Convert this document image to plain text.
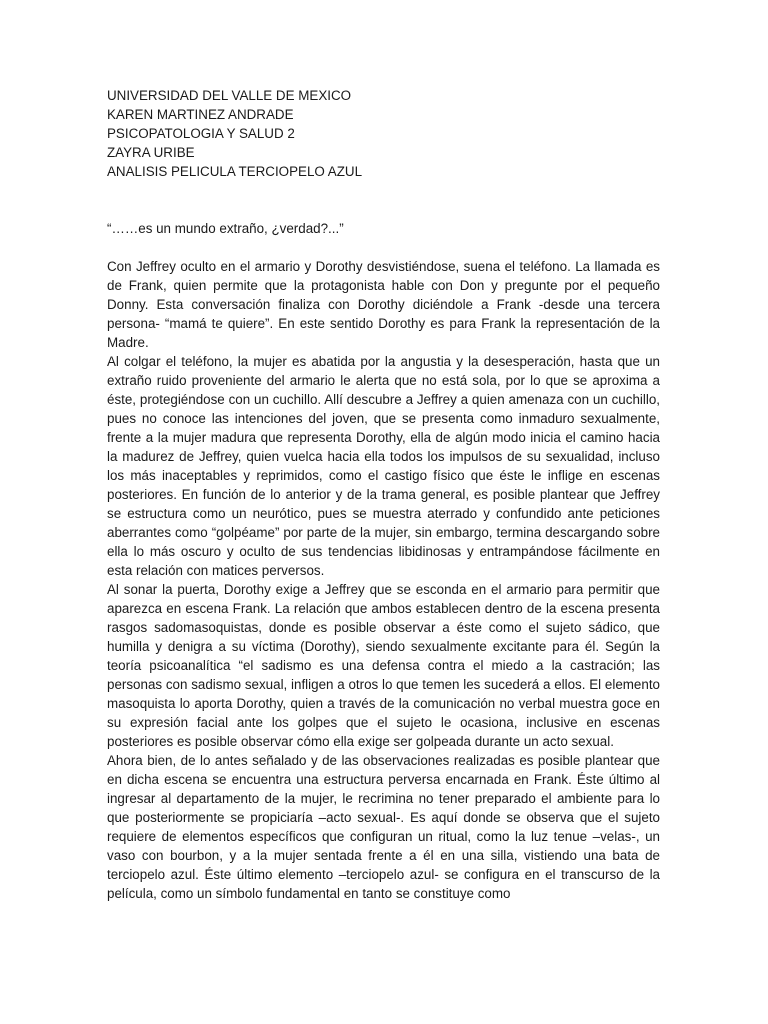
UNIVERSIDAD DEL VALLE DE MEXICO
KAREN MARTINEZ ANDRADE
PSICOPATOLOGIA Y SALUD 2
ZAYRA URIBE
ANALISIS PELICULA TERCIOPELO AZUL
“……es un mundo extraño, ¿verdad?...”

Con Jeffrey oculto en el armario y Dorothy desvistiéndose, suena el teléfono. La llamada es de Frank, quien permite que la protagonista hable con Don y pregunte por el pequeño Donny. Esta conversación finaliza con Dorothy diciéndole a Frank -desde una tercera persona- “mamá te quiere”. En este sentido Dorothy es para Frank la representación de la Madre.

Al colgar el teléfono, la mujer es abatida por la angustia y la desesperación, hasta que un extraño ruido proveniente del armario le alerta que no está sola, por lo que se aproxima a éste, protegiéndose con un cuchillo. Allí descubre a Jeffrey a quien amenaza con un cuchillo, pues no conoce las intenciones del joven, que se presenta como inmaduro sexualmente, frente a la mujer madura que representa Dorothy, ella de algún modo inicia el camino hacia la madurez de Jeffrey, quien vuelca hacia ella todos los impulsos de su sexualidad, incluso los más inaceptables y reprimidos, como el castigo físico que éste le inflige en escenas posteriores. En función de lo anterior y de la trama general, es posible plantear que Jeffrey se estructura como un neurótico, pues se muestra aterrado y confundido ante peticiones aberrantes como “golpéame” por parte de la mujer, sin embargo, termina descargando sobre ella lo más oscuro y oculto de sus tendencias libidinosas y entrampándose fácilmente en esta relación con matices perversos.

Al sonar la puerta, Dorothy exige a Jeffrey que se esconda en el armario para permitir que aparezca en escena Frank. La relación que ambos establecen dentro de la escena presenta rasgos sadomasoquistas, donde es posible observar a éste como el sujeto sádico, que humilla y denigra a su víctima (Dorothy), siendo sexualmente excitante para él. Según la teoría psicoanalítica “el sadismo es una defensa contra el miedo a la castración; las personas con sadismo sexual, infligen a otros lo que temen les sucederá a ellos. El elemento masoquista lo aporta Dorothy, quien a través de la comunicación no verbal muestra goce en su expresión facial ante los golpes que el sujeto le ocasiona, inclusive en escenas posteriores es posible observar cómo ella exige ser golpeada durante un acto sexual.

Ahora bien, de lo antes señalado y de las observaciones realizadas es posible plantear que en dicha escena se encuentra una estructura perversa encarnada en Frank. Éste último al ingresar al departamento de la mujer, le recrimina no tener preparado el ambiente para lo que posteriormente se propiciaría –acto sexual-. Es aquí donde se observa que el sujeto requiere de elementos específicos que configuran un ritual, como la luz tenue –velas-, un vaso con bourbon, y a la mujer sentada frente a él en una silla, vistiendo una bata de terciopelo azul. Éste último elemento –terciopelo azul- se configura en el transcurso de la película, como un símbolo fundamental en tanto se constituye como
